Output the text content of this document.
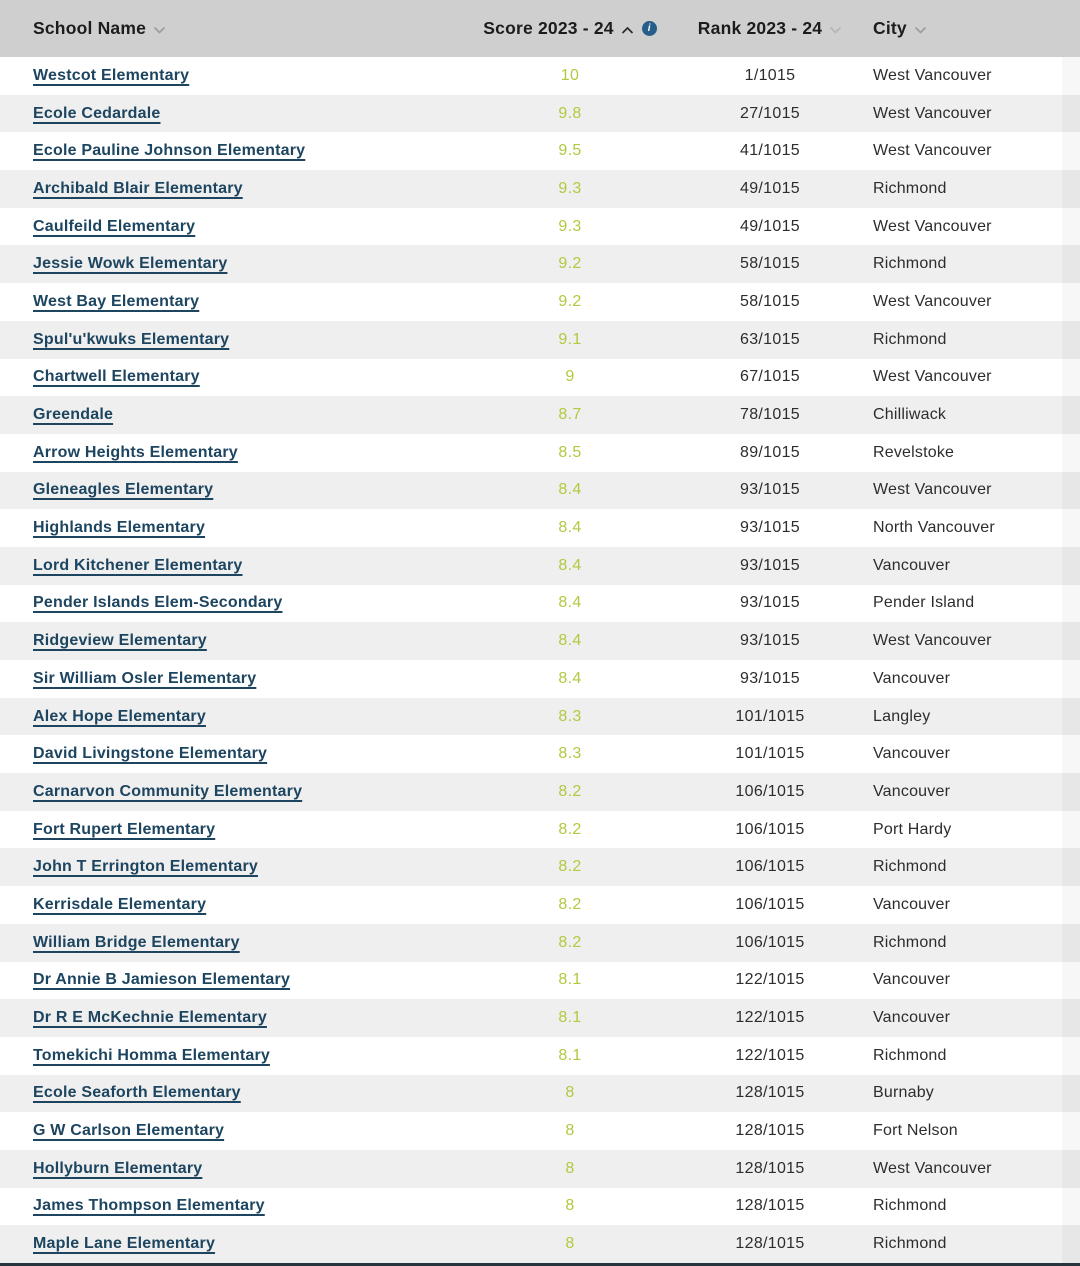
School Name	Score 2023 - 24	i	Rank 2023 - 24	City
Westcot Elementary	10	1/1015	West Vancouver
Ecole Cedardale	9.8	27/1015	West Vancouver
Ecole Pauline Johnson Elementary	9.5	41/1015	West Vancouver
Archibald Blair Elementary	9.3	49/1015	Richmond
Caulfeild Elementary	9.3	49/1015	West Vancouver
Jessie Wowk Elementary	9.2	58/1015	Richmond
West Bay Elementary	9.2	58/1015	West Vancouver
Spul'u'kwuks Elementary	9.1	63/1015	Richmond
Chartwell Elementary	9	67/1015	West Vancouver
Greendale	8.7	78/1015	Chilliwack
Arrow Heights Elementary	8.5	89/1015	Revelstoke
Gleneagles Elementary	8.4	93/1015	West Vancouver
Highlands Elementary	8.4	93/1015	North Vancouver
Lord Kitchener Elementary	8.4	93/1015	Vancouver
Pender Islands Elem-Secondary	8.4	93/1015	Pender Island
Ridgeview Elementary	8.4	93/1015	West Vancouver
Sir William Osler Elementary	8.4	93/1015	Vancouver
Alex Hope Elementary	8.3	101/1015	Langley
David Livingstone Elementary	8.3	101/1015	Vancouver
Carnarvon Community Elementary	8.2	106/1015	Vancouver
Fort Rupert Elementary	8.2	106/1015	Port Hardy
John T Errington Elementary	8.2	106/1015	Richmond
Kerrisdale Elementary	8.2	106/1015	Vancouver
William Bridge Elementary	8.2	106/1015	Richmond
Dr Annie B Jamieson Elementary	8.1	122/1015	Vancouver
Dr R E McKechnie Elementary	8.1	122/1015	Vancouver
Tomekichi Homma Elementary	8.1	122/1015	Richmond
Ecole Seaforth Elementary	8	128/1015	Burnaby
G W Carlson Elementary	8	128/1015	Fort Nelson
Hollyburn Elementary	8	128/1015	West Vancouver
James Thompson Elementary	8	128/1015	Richmond
Maple Lane Elementary	8	128/1015	Richmond
